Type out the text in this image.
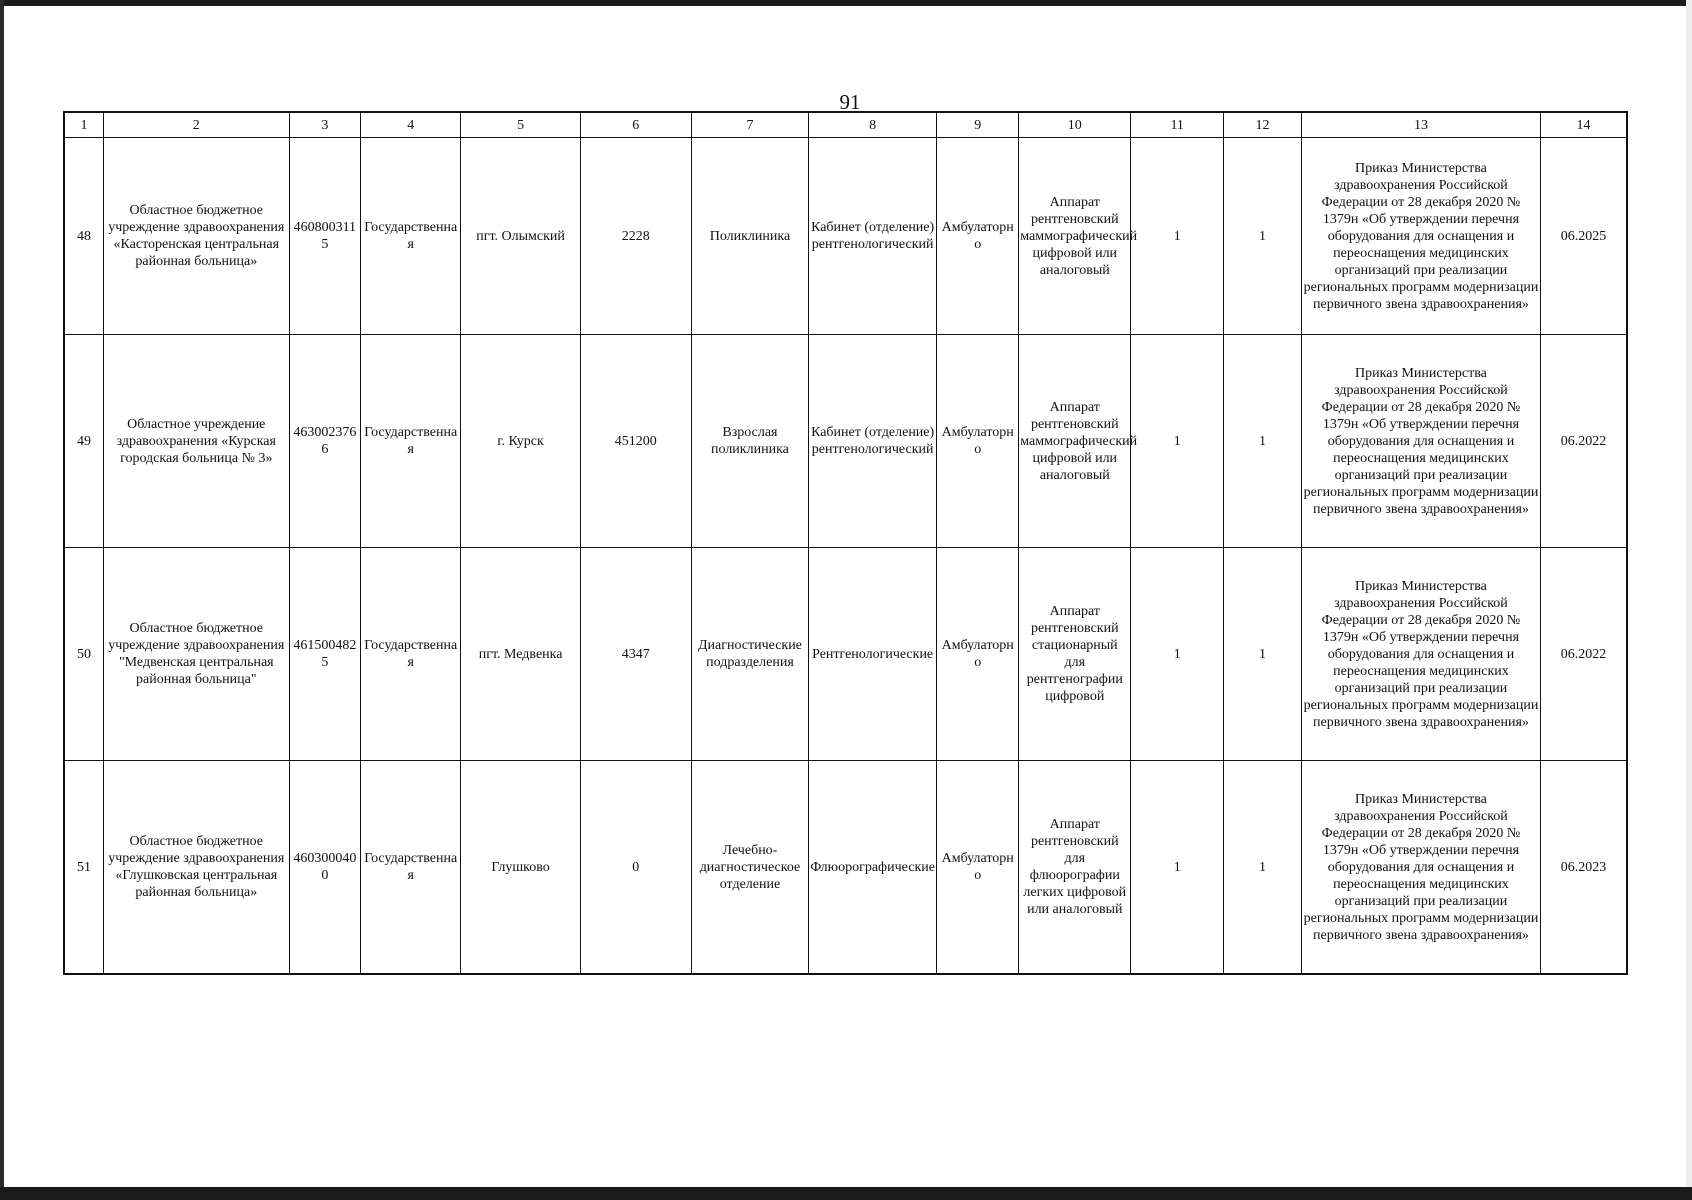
91
1	2	3	4	5	6	7	8	9	10	11	12	13	14
48	Областное бюджетное учреждение здравоохранения «Касторенская центральная районная больница»	4608003115	Государственная	пгт. Олымский	2228	Поликлиника	Кабинет (отделение) рентгенологический	Амбулаторно	Аппарат рентгеновский маммографический цифровой или аналоговый	1	1	Приказ Министерства здравоохранения Российской Федерации от 28 декабря 2020 № 1379н «Об утверждении перечня оборудования для оснащения и переоснащения медицинских организаций при реализации региональных программ модернизации первичного звена здравоохранения»	06.2025
49	Областное учреждение здравоохранения «Курская городская больница № 3»	4630023766	Государственная	г. Курск	451200	Взрослая поликлиника	Кабинет (отделение) рентгенологический	Амбулаторно	Аппарат рентгеновский маммографический цифровой или аналоговый	1	1	Приказ Министерства здравоохранения Российской Федерации от 28 декабря 2020 № 1379н «Об утверждении перечня оборудования для оснащения и переоснащения медицинских организаций при реализации региональных программ модернизации первичного звена здравоохранения»	06.2022
50	Областное бюджетное учреждение здравоохранения "Медвенская центральная районная больница"	4615004825	Государственная	пгт. Медвенка	4347	Диагностические подразделения	Рентгенологические	Амбулаторно	Аппарат рентгеновский стационарный для рентгенографии цифровой	1	1	Приказ Министерства здравоохранения Российской Федерации от 28 декабря 2020 № 1379н «Об утверждении перечня оборудования для оснащения и переоснащения медицинских организаций при реализации региональных программ модернизации первичного звена здравоохранения»	06.2022
51	Областное бюджетное учреждение здравоохранения «Глушковская центральная районная больница»	4603000400	Государственная	Глушково	0	Лечебно-диагностическое отделение	Флюорографические	Амбулаторно	Аппарат рентгеновский для флюорографии легких цифровой или аналоговый	1	1	Приказ Министерства здравоохранения Российской Федерации от 28 декабря 2020 № 1379н «Об утверждении перечня оборудования для оснащения и переоснащения медицинских организаций при реализации региональных программ модернизации первичного звена здравоохранения»	06.2023
